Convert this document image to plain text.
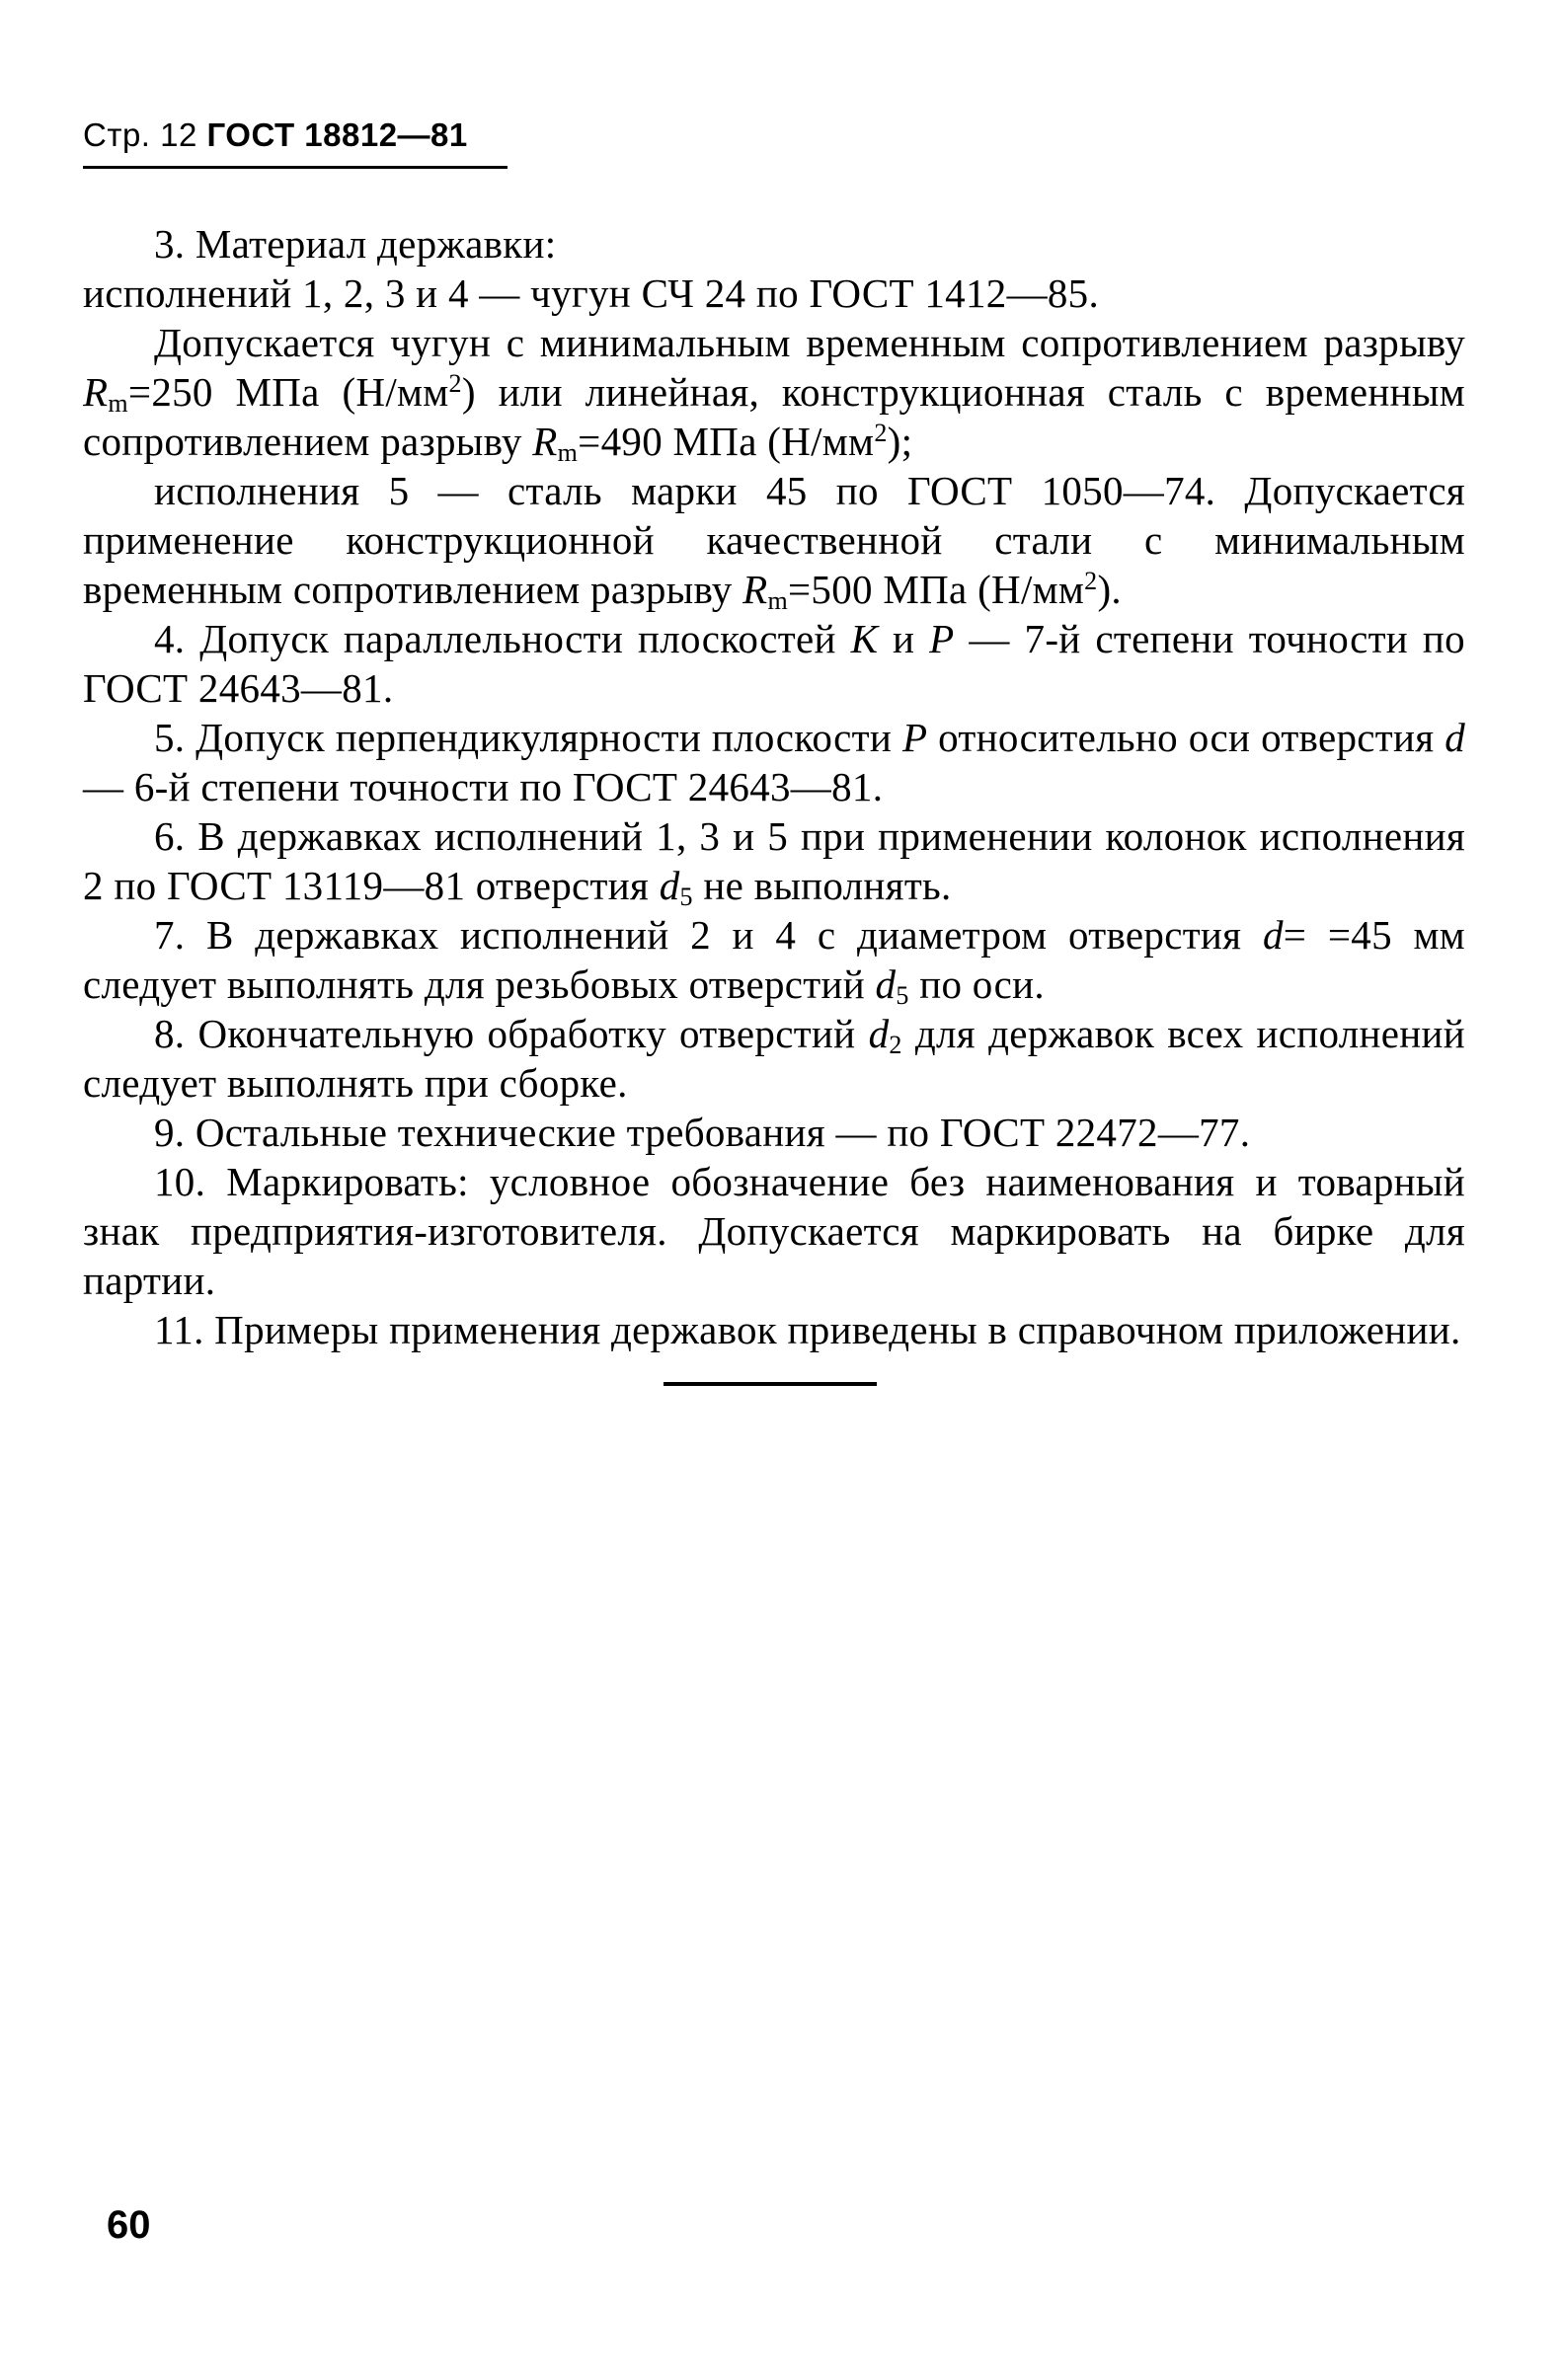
Стр. 12 ГОСТ 18812—81

3. Материал державки:

исполнений 1, 2, 3 и 4 — чугун СЧ 24 по ГОСТ 1412—85.

Допускается чугун с минимальным временным сопротивлением разрыву $R_m=250$ МПа $(Н/мм^2)$ или линейная, конструкционная сталь с временным сопротивлением разрыву $R_m=490$ МПа $(Н/мм^2)$;

исполнения 5 — сталь марки 45 по ГОСТ 1050—74. Допускается применение конструкционной качественной стали с минимальным временным сопротивлением разрыву $R_m=500$ МПа $(Н/мм^2)$.

4. Допуск параллельности плоскостей К и Р — 7-й степени точности по ГОСТ 24643—81.

5. Допуск перпендикулярности плоскости Р относительно оси отверстия d — 6-й степени точности по ГОСТ 24643—81.

6. В державках исполнений 1, 3 и 5 при применении колонок исполнения 2 по ГОСТ 13119—81 отверстия $d_5$ не выполнять.

7. В державках исполнений 2 и 4 с диаметром отверстия d= =45 мм следует выполнять для резьбовых отверстий $d_5$ по оси.

8. Окончательную обработку отверстий $d_2$ для державок всех исполнений следует выполнять при сборке.

9. Остальные технические требования — по ГОСТ 22472—77.

10. Маркировать: условное обозначение без наименования и товарный знак предприятия-изготовителя. Допускается маркировать на бирке для партии.

11. Примеры применения державок приведены в справочном приложении.

60
